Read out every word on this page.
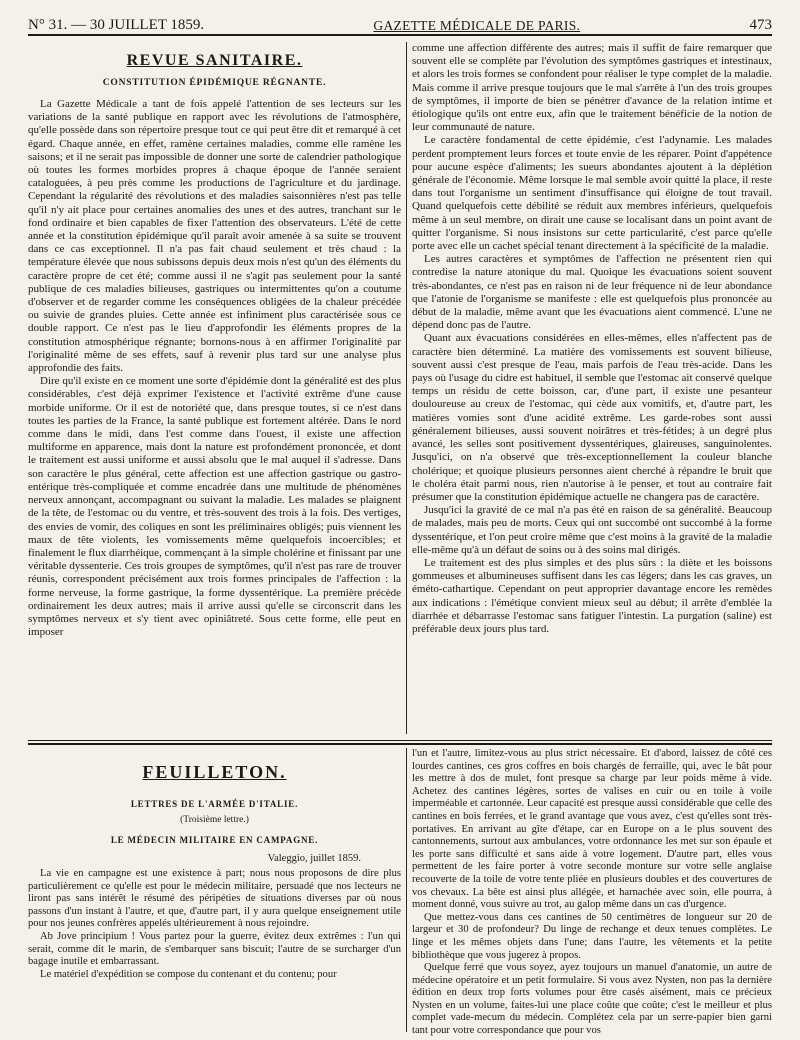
N° 31. — 30 JUILLET 1859.	GAZETTE MÉDICALE DE PARIS.	473
REVUE SANITAIRE.
CONSTITUTION ÉPIDÉMIQUE RÉGNANTE.

La Gazette Médicale a tant de fois appelé l'attention de ses lecteurs sur les variations de la santé publique en rapport avec les révolutions de l'atmosphère, qu'elle possède dans son répertoire presque tout ce qui peut être dit et remarqué à cet égard. Chaque année, en effet, ramène certaines maladies, comme elle ramène les saisons; et il ne serait pas impossible de donner une sorte de calendrier pathologique où toutes les formes morbides propres à chaque époque de l'année seraient cataloguées, à peu près comme les productions de l'agriculture et du jardinage. Cependant la régularité des révolutions et des maladies saisonnières n'est pas telle qu'il n'y ait place pour certaines anomalies des unes et des autres, tranchant sur le fond ordinaire et bien capables de fixer l'attention des observateurs. L'été de cette année et la constitution épidémique qu'il paraît avoir amenée à sa suite se trouvent dans ce cas exceptionnel. Il n'a pas fait chaud seulement et très chaud : la température élevée que nous subissons depuis deux mois n'est qu'un des éléments du caractère propre de cet été; comme aussi il ne s'agit pas seulement pour la santé publique de ces maladies bilieuses, gastriques ou intermittentes qu'on a coutume d'observer et de regarder comme les conséquences obligées de la chaleur précédée ou suivie de grandes pluies. Cette année est infiniment plus caractérisée sous ce double rapport. Ce n'est pas le lieu d'approfondir les éléments propres de la constitution atmosphérique régnante; bornons-nous à en affirmer l'originalité par l'originalité même de ses effets, sauf à revenir plus tard sur une analyse plus approfondie des faits.

Dire qu'il existe en ce moment une sorte d'épidémie dont la généralité est des plus considérables, c'est déjà exprimer l'existence et l'activité extrême d'une cause morbide uniforme. Or il est de notoriété que, dans presque toutes, si ce n'est dans toutes les parties de la France, la santé publique est fortement altérée. Dans le nord comme dans le midi, dans l'est comme dans l'ouest, il existe une affection multiforme en apparence, mais dont la nature est profondément prononcée, et dont le traitement est aussi uniforme et aussi absolu que le mal auquel il s'adresse. Dans son caractère le plus général, cette affection est une affection gastrique ou gastro-entérique très-compliquée et comme encadrée dans une multitude de phénomènes nerveux annonçant, accompagnant ou suivant la maladie. Les malades se plaignent de la tête, de l'estomac ou du ventre, et très-souvent des trois à la fois. Des vertiges, des envies de vomir, des coliques en sont les préliminaires obligés; puis viennent les maux de tête violents, les vomissements même quelquefois incoercibles; et finalement le flux diarrhéique, commençant à la simple cholérine et finissant par une véritable dyssenterie. Ces trois groupes de symptômes, qu'il n'est pas rare de trouver réunis, correspondent précisément aux trois formes principales de l'affection : la forme nerveuse, la forme gastrique, la forme dyssentérique. La première précède ordinairement les deux autres; mais il arrive aussi qu'elle se circonscrit dans les symptômes nerveux et s'y tient avec opiniâtreté. Sous cette forme, elle peut en imposer

comme une affection différente des autres; mais il suffit de faire remarquer que souvent elle se complète par l'évolution des symptômes gastriques et intestinaux, et alors les trois formes se confondent pour réaliser le type complet de la maladie. Mais comme il arrive presque toujours que le mal s'arrête à l'un des trois groupes de symptômes, il importe de bien se pénétrer d'avance de la relation intime et étiologique qu'ils ont entre eux, afin que le traitement bénéficie de la notion de leur communauté de nature.

Le caractère fondamental de cette épidémie, c'est l'adynamie. Les malades perdent promptement leurs forces et toute envie de les réparer. Point d'appétence pour aucune espèce d'aliments; les sueurs abondantes ajoutent à la déplétion générale de l'économie. Même lorsque le mal semble avoir quitté la place, il reste dans tout l'organisme un sentiment d'insuffisance qui éloigne de tout travail. Quand quelquefois cette débilité se réduit aux membres inférieurs, quelquefois même à un seul membre, on dirait une cause se localisant dans un point avant de quitter l'organisme. Si nous insistons sur cette particularité, c'est parce qu'elle porte avec elle un cachet spécial tenant directement à la spécificité de la maladie.

Les autres caractères et symptômes de l'affection ne présentent rien qui contredise la nature atonique du mal. Quoique les évacuations soient souvent très-abondantes, ce n'est pas en raison ni de leur fréquence ni de leur abondance que l'atonie de l'organisme se manifeste : elle est quelquefois plus prononcée au début de la maladie, même avant que les évacuations aient commencé. L'une ne dépend donc pas de l'autre.

Quant aux évacuations considérées en elles-mêmes, elles n'affectent pas de caractère bien déterminé. La matière des vomissements est souvent bilieuse, souvent aussi c'est presque de l'eau, mais parfois de l'eau très-acide. Dans les pays où l'usage du cidre est habituel, il semble que l'estomac ait conservé quelque temps un résidu de cette boisson, car, d'une part, il existe une pesanteur douloureuse au creux de l'estomac, qui cède aux vomitifs, et, d'autre part, les matières vomies sont d'une acidité extrême. Les garde-robes sont aussi généralement bilieuses, aussi souvent noirâtres et très-fétides; à un degré plus avancé, les selles sont positivement dyssentériques, glaireuses, sanguinolentes. Jusqu'ici, on n'a observé que très-exceptionnellement la couleur blanche cholérique; et quoique plusieurs personnes aient cherché à répandre le bruit que le choléra était parmi nous, rien n'autorise à le penser, et tout au contraire fait présumer que la constitution épidémique actuelle ne changera pas de caractère.

Jusqu'ici la gravité de ce mal n'a pas été en raison de sa généralité. Beaucoup de malades, mais peu de morts. Ceux qui ont succombé ont succombé à la forme dyssentérique, et l'on peut croire même que c'est moins à la gravité de la maladie elle-même qu'à un défaut de soins ou à des soins mal dirigés.

Le traitement est des plus simples et des plus sûrs : la diète et les boissons gommeuses et albumineuses suffisent dans les cas légers; dans les cas graves, un éméto-cathartique. Cependant on peut approprier davantage encore les remèdes aux indications : l'émétique convient mieux seul au début; il arrête d'emblée la diarrhée et débarrasse l'estomac sans fatiguer l'intestin. La purgation (saline) est préférable deux jours plus tard.

FEUILLETON.
LETTRES DE L'ARMÉE D'ITALIE.
(Troisième lettre.)
LE MÉDECIN MILITAIRE EN CAMPAGNE.
Valeggio, juillet 1859.

La vie en campagne est une existence à part; nous nous proposons de dire plus particulièrement ce qu'elle est pour le médecin militaire, persuadé que nos lecteurs ne liront pas sans intérêt le résumé des péripéties de situations diverses par où nous passons d'un instant à l'autre, et que, d'autre part, il y aura quelque enseignement utile pour nos jeunes confrères appelés ultérieurement à nous rejoindre.

Ab Jove principium ! Vous partez pour la guerre, évitez deux extrêmes : l'un qui serait, comme dit le marin, de s'embarquer sans biscuit; l'autre de se surcharger d'un bagage inutile et embarrassant.

Le matériel d'expédition se compose du contenant et du contenu; pour

l'un et l'autre, limitez-vous au plus strict nécessaire. Et d'abord, laissez de côté ces lourdes cantines, ces gros coffres en bois chargés de ferraille, qui, avec le bât pour les mettre à dos de mulet, font presque sa charge par leur poids même à vide. Achetez des cantines légères, sortes de valises en cuir ou en toile à voile imperméable et cartonnée. Leur capacité est presque aussi considérable que celle des cantines en bois ferrées, et le grand avantage que vous avez, c'est qu'elles sont très-portatives. En arrivant au gîte d'étape, car en Europe on a le plus souvent des cantonnements, surtout aux ambulances, votre ordonnance les met sur son épaule et les porte sans difficulté et sans aide à votre logement. D'autre part, elles vous permettent de les faire porter à votre seconde monture sur votre selle anglaise recouverte de la toile de votre tente pliée en plusieurs doubles et des couvertures de vos chevaux. La bête est ainsi plus allégée, et harnachée avec soin, elle pourra, à moment donné, vous suivre au trot, au galop même dans un cas d'urgence.

Que mettez-vous dans ces cantines de 50 centimètres de longueur sur 20 de largeur et 30 de profondeur? Du linge de rechange et deux tenues complètes. Le linge et les mêmes objets dans l'une; dans l'autre, les vêtements et la petite bibliothèque que vous jugerez à propos.

Quelque ferré que vous soyez, ayez toujours un manuel d'anatomie, un autre de médecine opératoire et un petit formulaire. Si vous avez Nysten, non pas la dernière édition en deux trop forts volumes pour être casés aisément, mais ce précieux Nysten en un volume, faites-lui une place coûte que coûte; c'est le meilleur et plus complet vade-mecum du médecin. Complétez cela par un serre-papier bien garni tant pour votre correspondance que pour vos
